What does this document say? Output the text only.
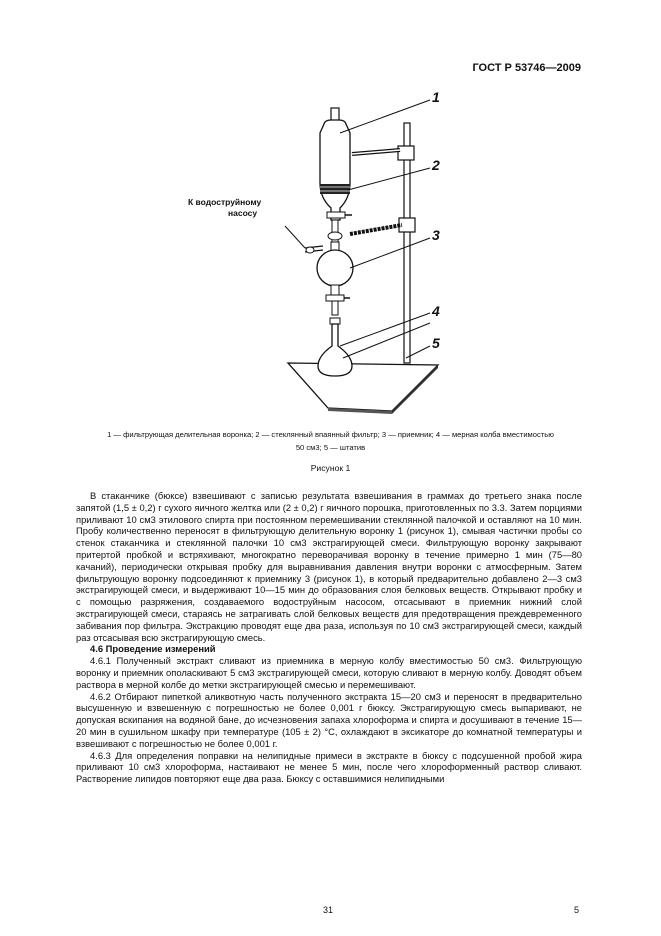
ГОСТ Р 53746—2009
1
2
3
4
5
К водоструйному
насосу
1 — фильтрующая делительная воронка; 2 — стеклянный впаянный фильтр; 3 — приемник; 4 — мерная колба вместимостью
50 см3; 5 — штатив
Рисунок 1

В стаканчике (бюксе) взвешивают с записью результата взвешивания в граммах до третьего знака после запятой (1,5 ± 0,2) г сухого яичного желтка или (2 ± 0,2) г яичного порошка, приготовленных по 3.3. Затем порциями приливают 10 см3 этилового спирта при постоянном перемешивании стеклянной палочкой и оставляют на 10 мин. Пробу количественно переносят в фильтрующую делительную воронку 1 (рисунок 1), смывая частички пробы со стенок стаканчика и стеклянной палочки 10 см3 экстрагирующей смеси. Фильтрующую воронку закрывают притертой пробкой и встряхивают, многократно переворачивая воронку в течение примерно 1 мин (75—80 качаний), периодически открывая пробку для выравнивания давления внутри воронки с атмосферным. Затем фильтрующую воронку подсоединяют к приемнику 3 (рисунок 1), в который предварительно добавлено 2—3 см3 экстрагирующей смеси, и выдерживают 10—15 мин до образования слоя белковых веществ. Открывают пробку и с помощью разряжения, создаваемого водоструйным насосом, отсасывают в приемник нижний слой экстрагирующей смеси, стараясь не затрагивать слой белковых веществ для предотвращения преждевременного забивания пор фильтра. Экстракцию проводят еще два раза, используя по 10 см3 экстрагирующей смеси, каждый раз отсасывая всю экстрагирующую смесь.

4.6 Проведение измерений

4.6.1 Полученный экстракт сливают из приемника в мерную колбу вместимостью 50 см3. Фильтрующую воронку и приемник ополаскивают 5 см3 экстрагирующей смеси, которую сливают в мерную колбу. Доводят объем раствора в мерной колбе до метки экстрагирующей смесью и перемешивают.

4.6.2 Отбирают пипеткой аликвотную часть полученного экстракта 15—20 см3 и переносят в предварительно высушенную и взвешенную с погрешностью не более 0,001 г бюксу. Экстрагирующую смесь выпаривают, не допуская вскипания на водяной бане, до исчезновения запаха хлороформа и спирта и досушивают в течение 15—20 мин в сушильном шкафу при температуре (105 ± 2) °С, охлаждают в эксикаторе до комнатной температуры и взвешивают с погрешностью не более 0,001 г.

4.6.3 Для определения поправки на нелипидные примеси в экстракте в бюксу с подсушенной пробой жира приливают 10 см3 хлороформа, настаивают не менее 5 мин, после чего хлороформенный раствор сливают. Растворение липидов повторяют еще два раза. Бюксу с оставшимися нелипидными

31	5
